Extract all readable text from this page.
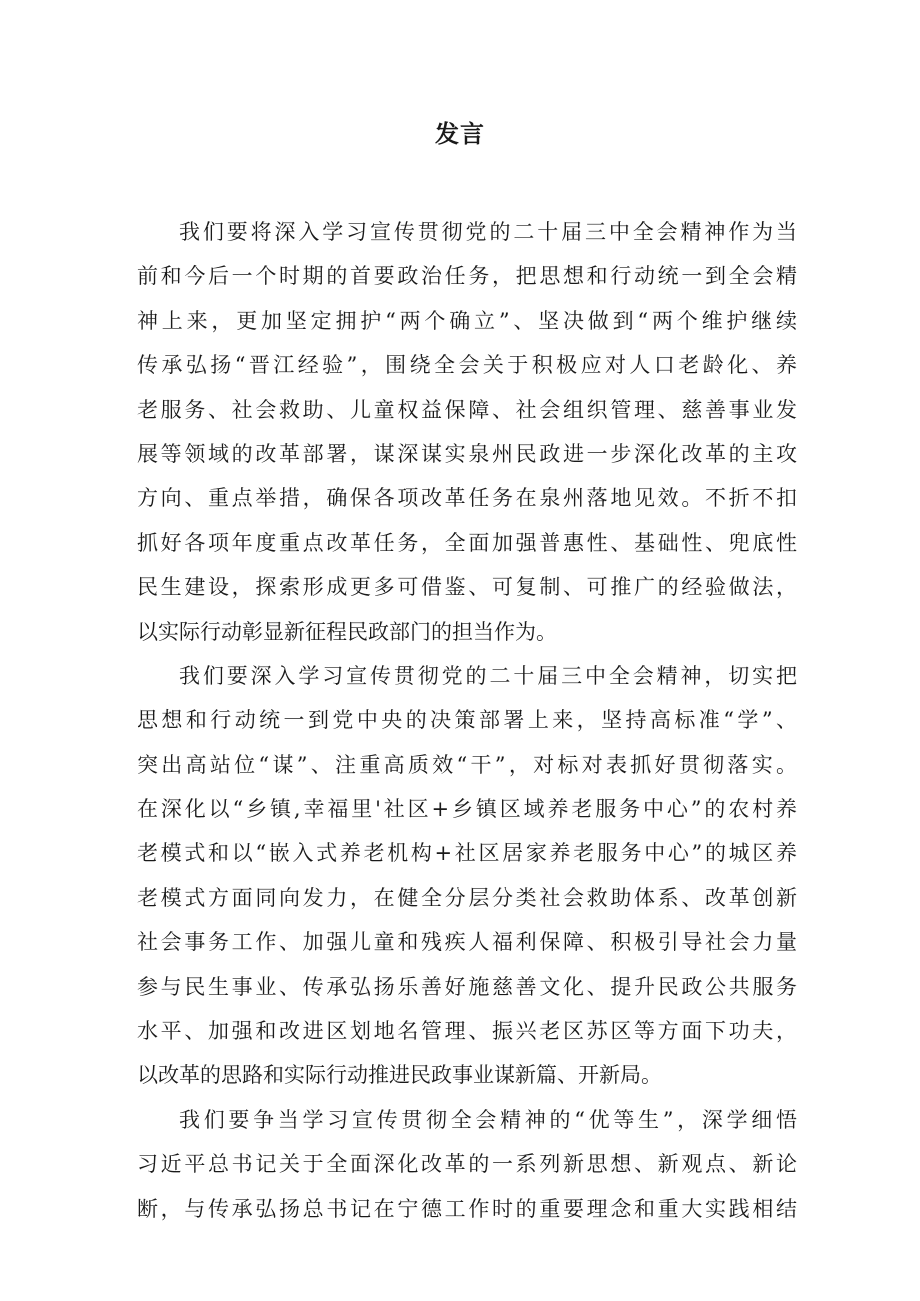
发言
我们要将深入学习宣传贯彻党的二十届三中全会精神作为当
前和今后一个时期的首要政治任务，把思想和行动统一到全会精
神上来，更加坚定拥护“两个确立”、坚决做到“两个维护继续
传承弘扬“晋江经验”，围绕全会关于积极应对人口老龄化、养
老服务、社会救助、儿童权益保障、社会组织管理、慈善事业发
展等领域的改革部署，谋深谋实泉州民政进一步深化改革的主攻
方向、重点举措，确保各项改革任务在泉州落地见效。不折不扣
抓好各项年度重点改革任务，全面加强普惠性、基础性、兜底性
民生建设，探索形成更多可借鉴、可复制、可推广的经验做法，
以实际行动彰显新征程民政部门的担当作为。
我们要深入学习宣传贯彻党的二十届三中全会精神，切实把
思想和行动统一到党中央的决策部署上来，坚持高标准“学”、
突出高站位“谋”、注重高质效“干”，对标对表抓好贯彻落实。
在深化以“乡镇,幸福里'社区+乡镇区域养老服务中心”的农村养
老模式和以“嵌入式养老机构+社区居家养老服务中心”的城区养
老模式方面同向发力，在健全分层分类社会救助体系、改革创新
社会事务工作、加强儿童和残疾人福利保障、积极引导社会力量
参与民生事业、传承弘扬乐善好施慈善文化、提升民政公共服务
水平、加强和改进区划地名管理、振兴老区苏区等方面下功夫，
以改革的思路和实际行动推进民政事业谋新篇、开新局。
我们要争当学习宣传贯彻全会精神的“优等生”，深学细悟
习近平总书记关于全面深化改革的一系列新思想、新观点、新论
断，与传承弘扬总书记在宁德工作时的重要理念和重大实践相结
